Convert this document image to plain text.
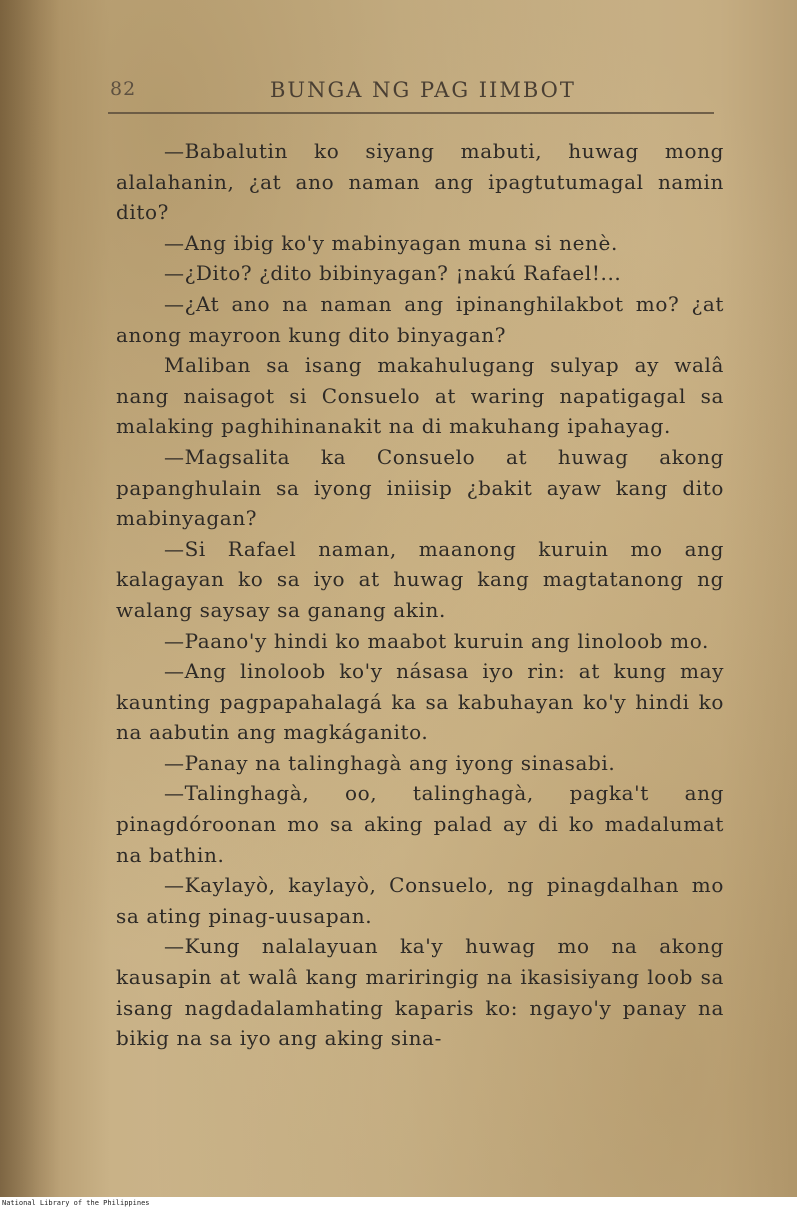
82	BUNGA NG PAG IIMBOT

—Babalutin ko siyang mabuti, huwag mong alalahanin, ¿at ano naman ang ipagtutumagal namin dito?

—Ang ibig ko'y mabinyagan muna si nenè.

—¿Dito? ¿dito bibinyagan? ¡nakú Rafael!...

—¿At ano na naman ang ipinanghilakbot mo? ¿at anong mayroon kung dito binyagan?

Maliban sa isang makahulugang sulyap ay walâ nang naisagot si Consuelo at waring napatigagal sa malaking paghihinanakit na di makuhang ipahayag.

—Magsalita ka Consuelo at huwag akong papanghulain sa iyong iniisip ¿bakit ayaw kang dito mabinyagan?

—Si Rafael naman, maanong kuruin mo ang kalagayan ko sa iyo at huwag kang magtatanong ng walang saysay sa ganang akin.

—Paano'y hindi ko maabot kuruin ang linoloob mo.

—Ang linoloob ko'y násasa iyo rin: at kung may kaunting pagpapahalagá ka sa kabuhayan ko'y hindi ko na aabutin ang magkáganito.

—Panay na talinghagà ang iyong sinasabi.

—Talinghagà, oo, talinghagà, pagka't ang pinagdóroonan mo sa aking palad ay di ko madalumat na bathin.

—Kaylayò, kaylayò, Consuelo, ng pinagdalhan mo sa ating pinag-uusapan.

—Kung nalalayuan ka'y huwag mo na akong kausapin at walâ kang mariringig na ikasisiyang loob sa isang nagdadalamhating kaparis ko: ngayo'y panay na bikig na sa iyo ang aking sina-

National Library of the Philippines
